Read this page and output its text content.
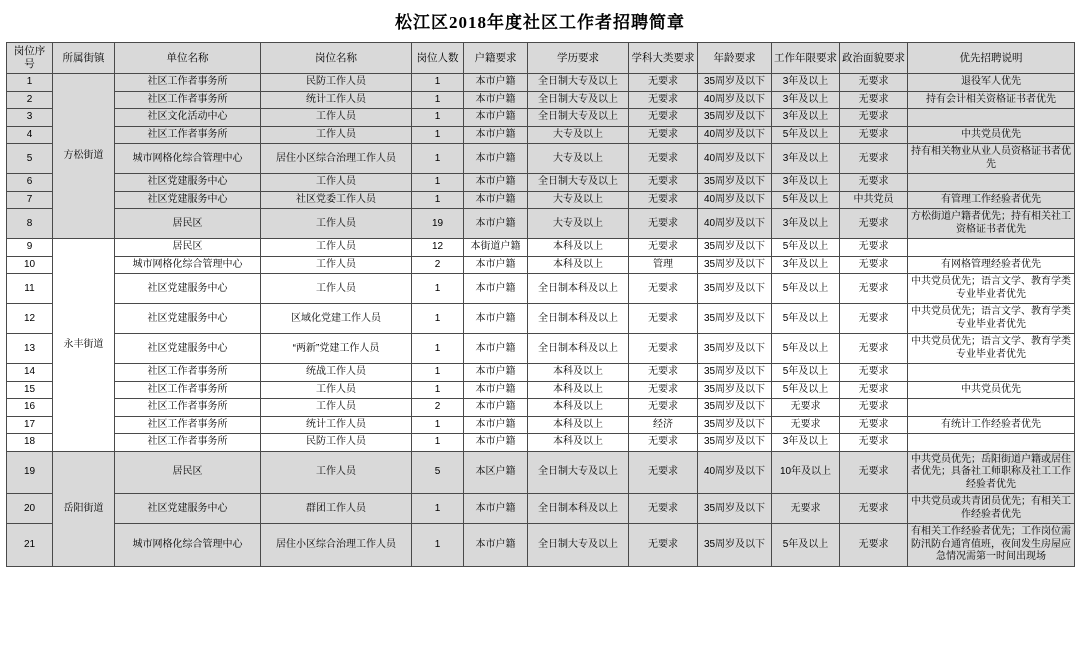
松江区2018年度社区工作者招聘简章
岗位序号	所属街镇	单位名称	岗位名称	岗位人数	户籍要求	学历要求	学科大类要求	年龄要求	工作年限要求	政治面貌要求	优先招聘说明
1	方松街道	社区工作者事务所	民防工作人员	1	本市户籍	全日制大专及以上	无要求	35周岁及以下	3年及以上	无要求	退役军人优先
2		社区工作者事务所	统计工作人员	1	本市户籍	全日制大专及以上	无要求	40周岁及以下	3年及以上	无要求	持有会计相关资格证书者优先
3		社区文化活动中心	工作人员	1	本市户籍	全日制大专及以上	无要求	35周岁及以下	3年及以上	无要求	
4		社区工作者事务所	工作人员	1	本市户籍	大专及以上	无要求	40周岁及以下	5年及以上	无要求	中共党员优先
5		城市网格化综合管理中心	居住小区综合治理工作人员	1	本市户籍	大专及以上	无要求	40周岁及以下	3年及以上	无要求	持有相关物业从业人员资格证书者优先
6		社区党建服务中心	工作人员	1	本市户籍	全日制大专及以上	无要求	35周岁及以下	3年及以上	无要求	
7		社区党建服务中心	社区党委工作人员	1	本市户籍	大专及以上	无要求	40周岁及以下	5年及以上	中共党员	有管理工作经验者优先
8		居民区	工作人员	19	本市户籍	大专及以上	无要求	40周岁及以下	3年及以上	无要求	方松街道户籍者优先；持有相关社工资格证书者优先
9	永丰街道	居民区	工作人员	12	本街道户籍	本科及以上	无要求	35周岁及以下	5年及以上	无要求	
10		城市网格化综合管理中心	工作人员	2	本市户籍	本科及以上	管理	35周岁及以下	3年及以上	无要求	有网格管理经验者优先
11		社区党建服务中心	工作人员	1	本市户籍	全日制本科及以上	无要求	35周岁及以下	5年及以上	无要求	中共党员优先；语言文学、教育学类专业毕业者优先
12		社区党建服务中心	区域化党建工作人员	1	本市户籍	全日制本科及以上	无要求	35周岁及以下	5年及以上	无要求	中共党员优先；语言文学、教育学类专业毕业者优先
13		社区党建服务中心	“两新”党建工作人员	1	本市户籍	全日制本科及以上	无要求	35周岁及以下	5年及以上	无要求	中共党员优先；语言文学、教育学类专业毕业者优先
14		社区工作者事务所	统战工作人员	1	本市户籍	本科及以上	无要求	35周岁及以下	5年及以上	无要求	
15		社区工作者事务所	工作人员	1	本市户籍	本科及以上	无要求	35周岁及以下	5年及以上	无要求	中共党员优先
16		社区工作者事务所	工作人员	2	本市户籍	本科及以上	无要求	35周岁及以下	无要求	无要求	
17		社区工作者事务所	统计工作人员	1	本市户籍	本科及以上	经济	35周岁及以下	无要求	无要求	有统计工作经验者优先
18		社区工作者事务所	民防工作人员	1	本市户籍	本科及以上	无要求	35周岁及以下	3年及以上	无要求	
19	岳阳街道	居民区	工作人员	5	本区户籍	全日制大专及以上	无要求	40周岁及以下	10年及以上	无要求	中共党员优先；岳阳街道户籍或居住者优先；具备社工师职称及社工工作经验者优先
20		社区党建服务中心	群团工作人员	1	本市户籍	全日制本科及以上	无要求	35周岁及以下	无要求	无要求	中共党员或共青团员优先；有相关工作经验者优先
21		城市网格化综合管理中心	居住小区综合治理工作人员	1	本市户籍	全日制大专及以上	无要求	35周岁及以下	5年及以上	无要求	有相关工作经验者优先；工作岗位需防汛防台通宵值班，夜间发生房屋应急情况需第一时间出现场
